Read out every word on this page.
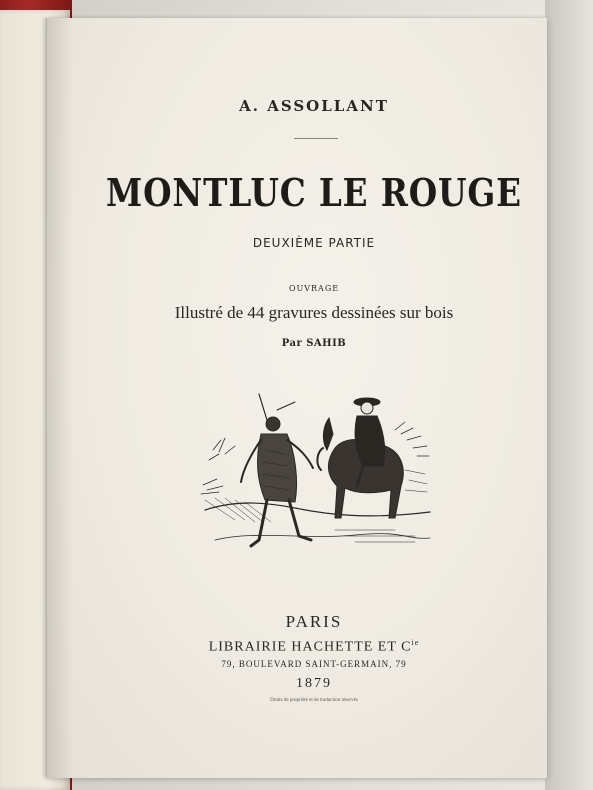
A. ASSOLLANT
MONTLUC LE ROUGE
DEUXIÈME PARTIE
OUVRAGE
Illustré de 44 gravures dessinées sur bois
Par SAHIB
PARIS
LIBRAIRIE HACHETTE ET $C^{ie}$
79, BOULEVARD SAINT-GERMAIN, 79
1879
Droits de propriété et de traduction réservés
